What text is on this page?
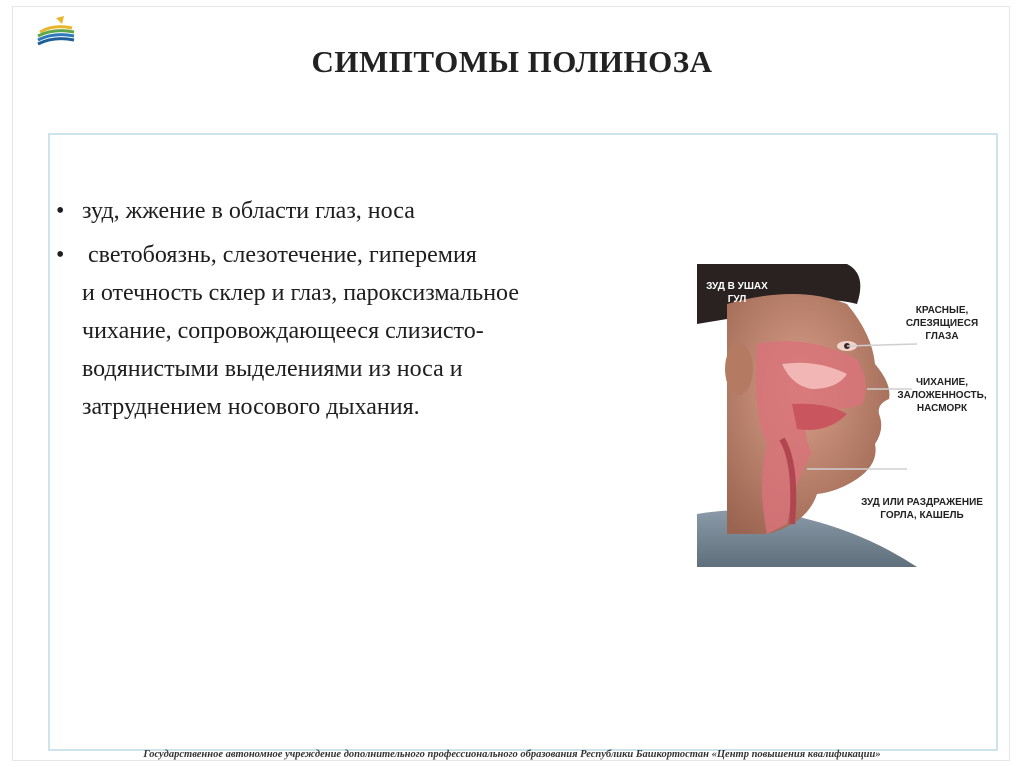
СИМПТОМЫ ПОЛИНОЗА
• зуд, жжение в области глаз, носа
• светобоязнь, слезотечение, гиперемия
и отечность склер и глаз, пароксизмальное
чихание, сопровождающееся слизисто-
водянистыми выделениями из носа и
затруднением носового дыхания.
ЗУД В УШАХ
ГУЛ
КРАСНЫЕ,
СЛЕЗЯЩИЕСЯ
ГЛАЗА
ЧИХАНИЕ,
ЗАЛОЖЕННОСТЬ,
НАСМОРК
ЗУД ИЛИ РАЗДРАЖЕНИЕ
ГОРЛА, КАШЕЛЬ
Государственное автономное учреждение дополнительного профессионального образования Республики Башкортостан «Центр повышения квалификации»
